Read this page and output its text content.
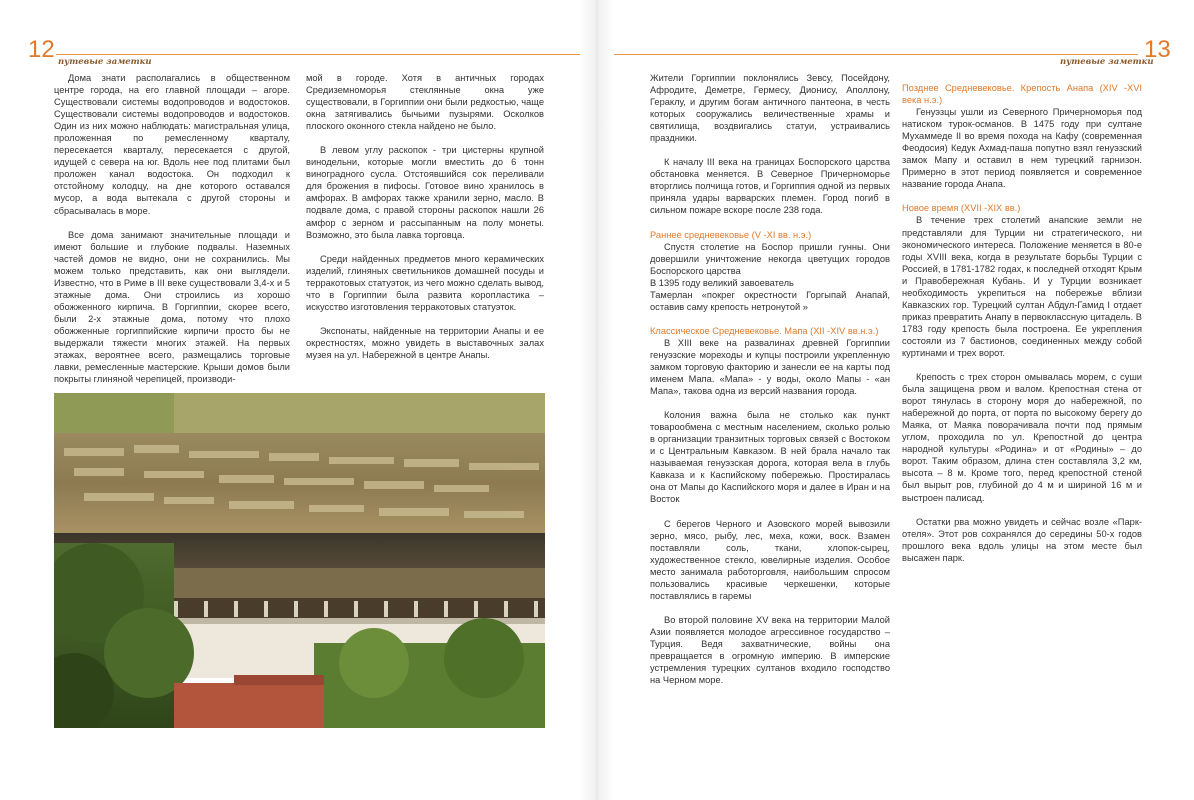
12 путевые заметки

Дома знати располагались в общественном центре города, на его главной площади – агоре. Существовали системы водопроводов и водостоков. Существовали системы водопроводов и водостоков. Один из них можно наблюдать: магистральная улица, проложенная по ремесленному кварталу, пересекается кварталу, пересекается с другой, идущей с севера на юг. Вдоль нее под плитами был проложен канал водостока. Он подходил к отстойному колодцу, на дне которого оставался мусор, а вода вытекала с другой стороны и сбрасывалась в море.

Все дома занимают значительные площади и имеют большие и глубокие подвалы. Наземных частей домов не видно, они не сохранились. Мы можем только представить, как они выглядели. Известно, что в Риме в III веке существовали 3,4-х и 5 этажные дома. Они строились из хорошо обожженного кирпича. В Горгиппии, скорее всего, были 2-х этажные дома, потому что плохо обожженные горгиппийские кирпичи просто бы не выдержали тяжести многих этажей. На первых этажах, вероятнее всего, размещались торговые лавки, ремесленные мастерские. Крыши домов были покрыты глиняной черепицей, производи-

мой в городе. Хотя в античных городах Средиземноморья стеклянные окна уже существовали, в Горгиппии они были редкостью, чаще окна затягивались бычьими пузырями. Осколков плоского оконного стекла найдено не было.

В левом углу раскопок - три цистерны крупной винодельни, которые могли вместить до 6 тонн виноградного сусла. Отстоявшийся сок переливали для брожения в пифосы. Готовое вино хранилось в амфорах. В амфорах также хранили зерно, масло. В подвале дома, с правой стороны раскопок нашли 26 амфор с зерном и рассыпанным на полу монеты. Возможно, это была лавка торговца.

Среди найденных предметов много керамических изделий, глиняных светильников домашней посуды и терракотовых статуэток, из чего можно сделать вывод, что в Горгиппии была развита коропластика – искусство изготовления терракотовых статуэток.

Экспонаты, найденные на территории Анапы и ее окрестностях, можно увидеть в выставочных залах музея на ул. Набережной в центре Анапы.

путевые заметки
13

Жители Горгиппии поклонялись Зевсу, Посейдону, Афродите, Деметре, Гермесу, Дионису, Аполлону, Гераклу, и другим богам античного пантеона, в честь которых сооружались величественные храмы и святилища, воздвигались статуи, устраивались праздники.

К началу III века на границах Боспорского царства обстановка меняется. В Северное Причерноморье вторглись полчища готов, и Горгиппия одной из первых приняла удары варварских племен. Город погиб в сильном пожаре вскоре после 238 года.

Раннее средневековье (V -XI вв. н.э.)

Спустя столетие на Боспор пришли гунны. Они довершили уничтожение некогда цветущих городов Боспорского царства

В 1395 году великий завоеватель

Тамерлан «покрег окрестности Горгыпай Анапай, оставив саму крепость нетронутой »

Классическое Средневековье. Мапа (XII -XIV вв.н.э.)

В XIII веке на развалинах древней Горгиппии генуэзские мореходы и купцы построили укрепленную замком торговую факторию и занесли ее на карты под именем Мапа. «Мапа» - у воды, около Мапы - «ан Мапа», такова одна из версий названия города.

Колония важна была не столько как пункт товарообмена с местным населением, сколько ролью в организации транзитных торговых связей с Востоком и с Центральным Кавказом. В ней брала начало так называемая генуэзская дорога, которая вела в глубь Кавказа и к Каспийскому побережью. Простиралась она от Мапы до Каспийского моря и далее в Иран и на Восток

С берегов Черного и Азовского морей вывозили зерно, мясо, рыбу, лес, меха, кожи, воск. Взамен поставляли соль, ткани, хлопок-сырец, художественное стекло, ювелирные изделия. Особое место занимала работорговля, наибольшим спросом пользовались красивые черкешенки, которые поставлялись в гаремы

Во второй половине XV века на территории Малой Азии появляется молодое агрессивное государство – Турция. Ведя захватнические, войны она превращается в огромную империю. В имперские устремления турецких султанов входило господство на Черном море.

Позднее Средневековье. Крепость Анапа (XIV -XVI века н.э.)

Генуэзцы ушли из Северного Причерноморья под натиском турок-османов. В 1475 году при султане Мухаммеде II во время похода на Кафу (современная Феодосия) Кедук Ахмад-паша попутно взял генуэзский замок Мапу и оставил в нем турецкий гарнизон. Примерно в этот период появляется и современное название города Анапа.

Новое время (XVII -XIX вв.)

В течение трех столетий анапские земли не представляли для Турции ни стратегического, ни экономического интереса. Положение меняется в 80-е годы XVIII века, когда в результате борьбы Турции с Россией, в 1781-1782 годах, к последней отходят Крым и Правобережная Кубань. И у Турции возникает необходимость укрепиться на побережье вблизи Кавказских гор. Турецкий султан Абдул-Гамид I отдает приказ превратить Анапу в первоклассную цитадель. В 1783 году крепость была построена. Ее укрепления состояли из 7 бастионов, соединенных между собой куртинами и трех ворот.

Крепость с трех сторон омывалась морем, с суши была защищена рвом и валом. Крепостная стена от ворот тянулась в сторону моря до набережной, по набережной до порта, от порта по высокому берегу до Маяка, от Маяка поворачивала почти под прямым углом, проходила по ул. Крепостной до центра народной культуры «Родина» и от «Родины» – до ворот. Таким образом, длина стен составляла 3,2 км, высота – 8 м. Кроме того, перед крепостной стеной был вырыт ров, глубиной до 4 м и шириной 16 м и выстроен палисад.

Остатки рва можно увидеть и сейчас возле «Парк-отеля». Этот ров сохранялся до середины 50-х годов прошлого века вдоль улицы на этом месте был высажен парк.
